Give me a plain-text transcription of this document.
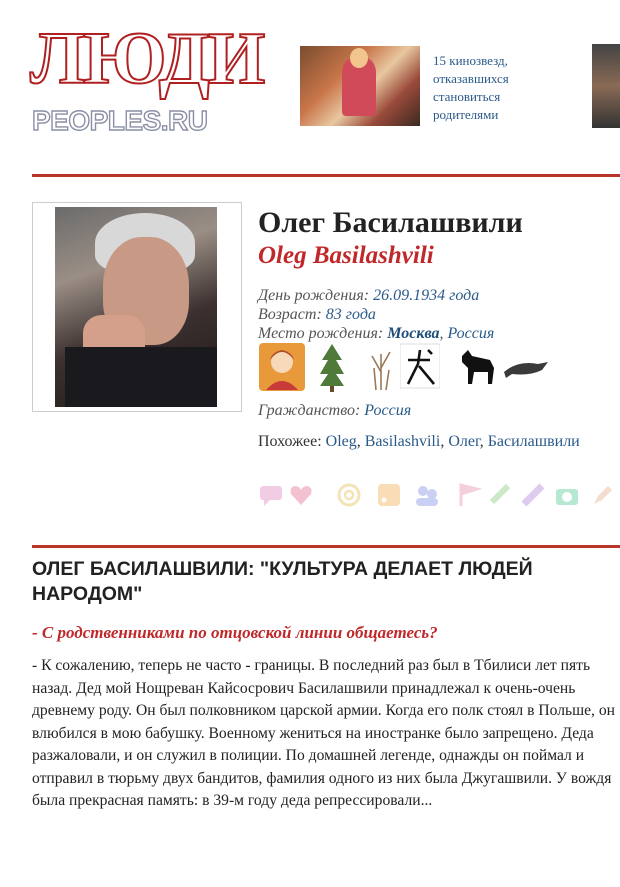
ЛЮДИ
PEOPLES.RU
15 кинозвезд, отказавшихся становиться родителями
Олег Басилашвили
Oleg Basilashvili
День рождения: 26.09.1934 года
Возраст: 83 года
Место рождения: Москва, Россия
Гражданство: Россия
Похожее: Oleg, Basilashvili, Олег, Басилашвили
ОЛЕГ БАСИЛАШВИЛИ: "КУЛЬТУРА ДЕЛАЕТ ЛЮДЕЙ НАРОДОМ"
- С родственниками по отцовской линии общаетесь?
- К сожалению, теперь не часто - границы. В последний раз был в Тбилиси лет пять назад. Дед мой Нощреван Кайсосрович Басилашвили принадлежал к очень-очень древнему роду. Он был полковником царской армии. Когда его полк стоял в Польше, он влюбился в мою бабушку. Военному жениться на иностранке было запрещено. Деда разжаловали, и он служил в полиции. По домашней легенде, однажды он поймал и отправил в тюрьму двух бандитов, фамилия одного из них была Джугашвили. У вождя была прекрасная память: в 39-м году деда репрессировали...
